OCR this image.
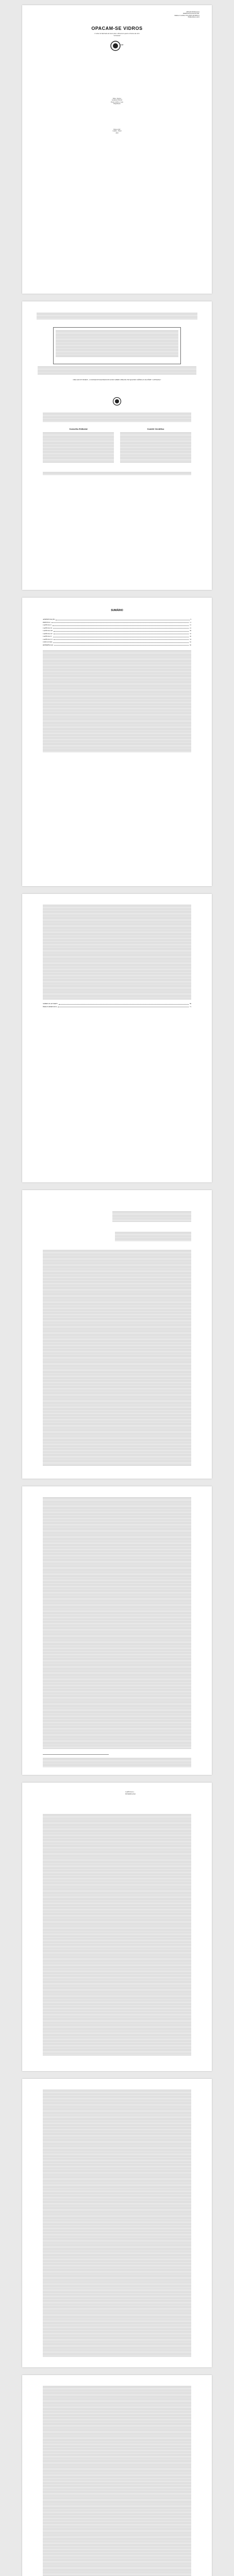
RENATO PETRAGLIA
BRENNAN DA SILVA LEAL
MARIA CLAUDIA VOLANTES DE MELLO
FERNANDA CALVI
OPACAM-SE VIDROS
O olhar de Machado de Assis sobre o Brasil em quatro crônicas da série
"A Semana"
CRV
Editor / Revisor
Assistente Editorial
Projeto Gráfico e Capa
Diagramação
Editora CRV
Curitiba – Brasil
2018
OPACAM-SE VIDROS – O OLHAR DE MACHADO DE ASSIS SOBRE O BRASIL EM QUATRO CRÔNICAS DA SÉRIE "A SEMANA"
Conselho Editorial	Comitê Científico
SUMÁRIO
APRESENTAÇÃO	9
PREFÁCIO	11
CAPÍTULO I	15
CAPÍTULO II	21
CAPÍTULO III	29
CAPÍTULO IV	37
CAPÍTULO V	45
CAPÍTULO VI	53
CONCLUSÃO	61
REFERÊNCIAS	65
SOBRE OS AUTORES	69
ÍNDICE REMISSIVO	71
CAPÍTULO I
INTRODUÇÃO
